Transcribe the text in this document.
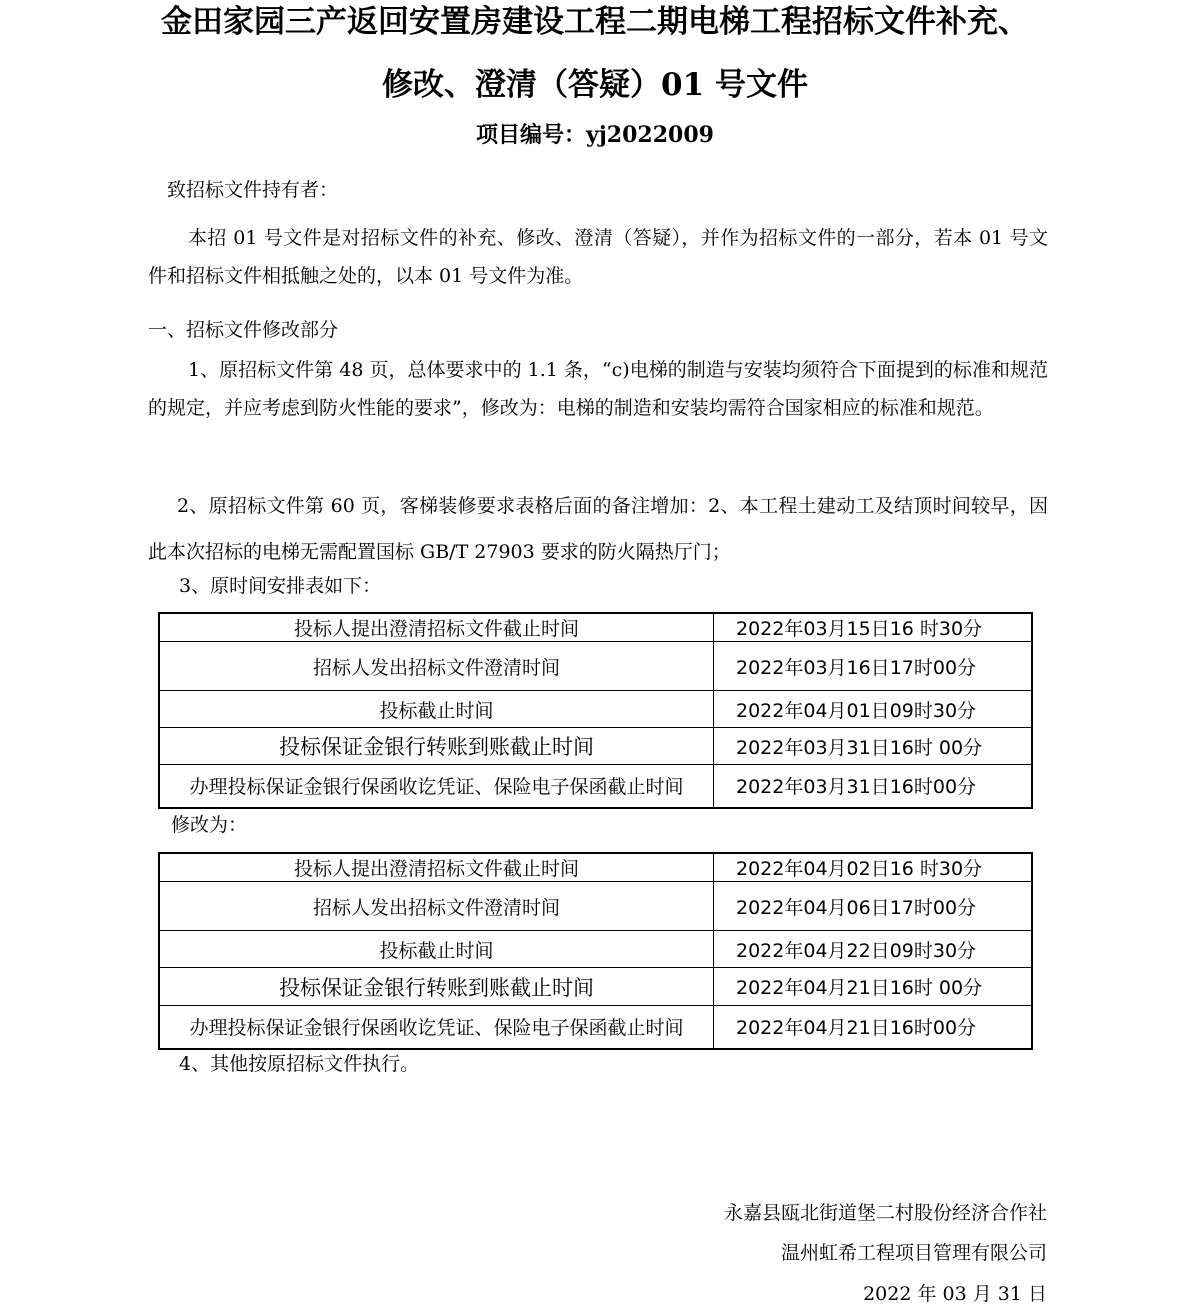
金田家园三产返回安置房建设工程二期电梯工程招标文件补充、
修改、澄清（答疑）01 号文件
项目编号：yj2022009

致招标文件持有者：

本招 01 号文件是对招标文件的补充、修改、澄清（答疑），并作为招标文件的一部分，若本 01 号文件和招标文件相抵触之处的，以本 01 号文件为准。

一、招标文件修改部分

1、原招标文件第 48 页，总体要求中的 1.1 条，“c)电梯的制造与安装均须符合下面提到的标准和规范的规定，并应考虑到防火性能的要求”，修改为：电梯的制造和安装均需符合国家相应的标准和规范。

2、原招标文件第 60 页，客梯装修要求表格后面的备注增加：2、本工程土建动工及结顶时间较早，因此本次招标的电梯无需配置国标 GB/T 27903 要求的防火隔热厅门；

3、原时间安排表如下：

投标人提出澄清招标文件截止时间	2022年03月15日16 时30分
招标人发出招标文件澄清时间	2022年03月16日17时00分
投标截止时间	2022年04月01日09时30分
投标保证金银行转账到账截止时间	2022年03月31日16时 00分
办理投标保证金银行保函收讫凭证、保险电子保函截止时间	2022年03月31日16时00分

修改为：

投标人提出澄清招标文件截止时间	2022年04月02日16 时30分
招标人发出招标文件澄清时间	2022年04月06日17时00分
投标截止时间	2022年04月22日09时30分
投标保证金银行转账到账截止时间	2022年04月21日16时 00分
办理投标保证金银行保函收讫凭证、保险电子保函截止时间	2022年04月21日16时00分

4、其他按原招标文件执行。

永嘉县瓯北街道堡二村股份经济合作社
温州虹希工程项目管理有限公司
2022 年 03 月 31 日
